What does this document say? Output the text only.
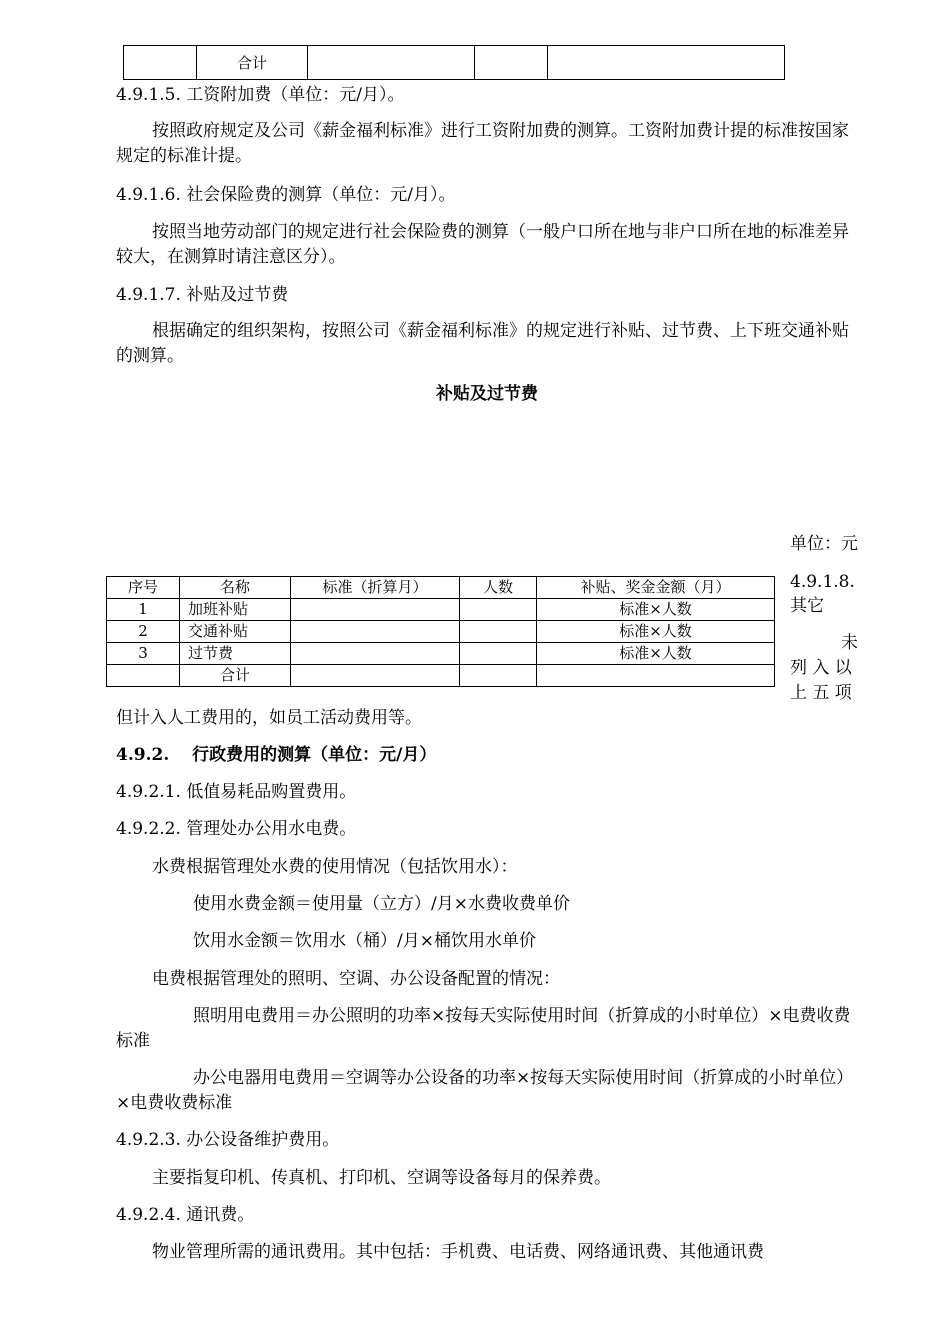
	合计			

4.9.1.5. 工资附加费（单位：元/月）。

按照政府规定及公司《薪金福利标准》进行工资附加费的测算。工资附加费计提的标准按国家规定的标准计提。

4.9.1.6. 社会保险费的测算（单位：元/月）。

按照当地劳动部门的规定进行社会保险费的测算（一般户口所在地与非户口所在地的标准差异较大，在测算时请注意区分）。

4.9.1.7. 补贴及过节费

根据确定的组织架构，按照公司《薪金福利标准》的规定进行补贴、过节费、上下班交通补贴的测算。

补贴及过节费

单位：元

序号	名称	标准（折算月）	人数	补贴、奖金金额（月）
1	加班补贴			标准×人数
2	交通补贴			标准×人数
3	过节费			标准×人数
	合计			
4.9.1.8.
其它
未
列 入 以
上 五 项

但计入人工费用的，如员工活动费用等。

4.9.2.　 行政费用的测算（单位：元/月）

4.9.2.1. 低值易耗品购置费用。

4.9.2.2. 管理处办公用水电费。

水费根据管理处水费的使用情况（包括饮用水）：

使用水费金额＝使用量（立方）/月×水费收费单价

饮用水金额＝饮用水（桶）/月×桶饮用水单价

电费根据管理处的照明、空调、办公设备配置的情况：

照明用电费用＝办公照明的功率×按每天实际使用时间（折算成的小时单位）×电费收费标准

办公电器用电费用＝空调等办公设备的功率×按每天实际使用时间（折算成的小时单位）×电费收费标准

4.9.2.3. 办公设备维护费用。

主要指复印机、传真机、打印机、空调等设备每月的保养费。

4.9.2.4. 通讯费。

物业管理所需的通讯费用。其中包括：手机费、电话费、网络通讯费、其他通讯费
